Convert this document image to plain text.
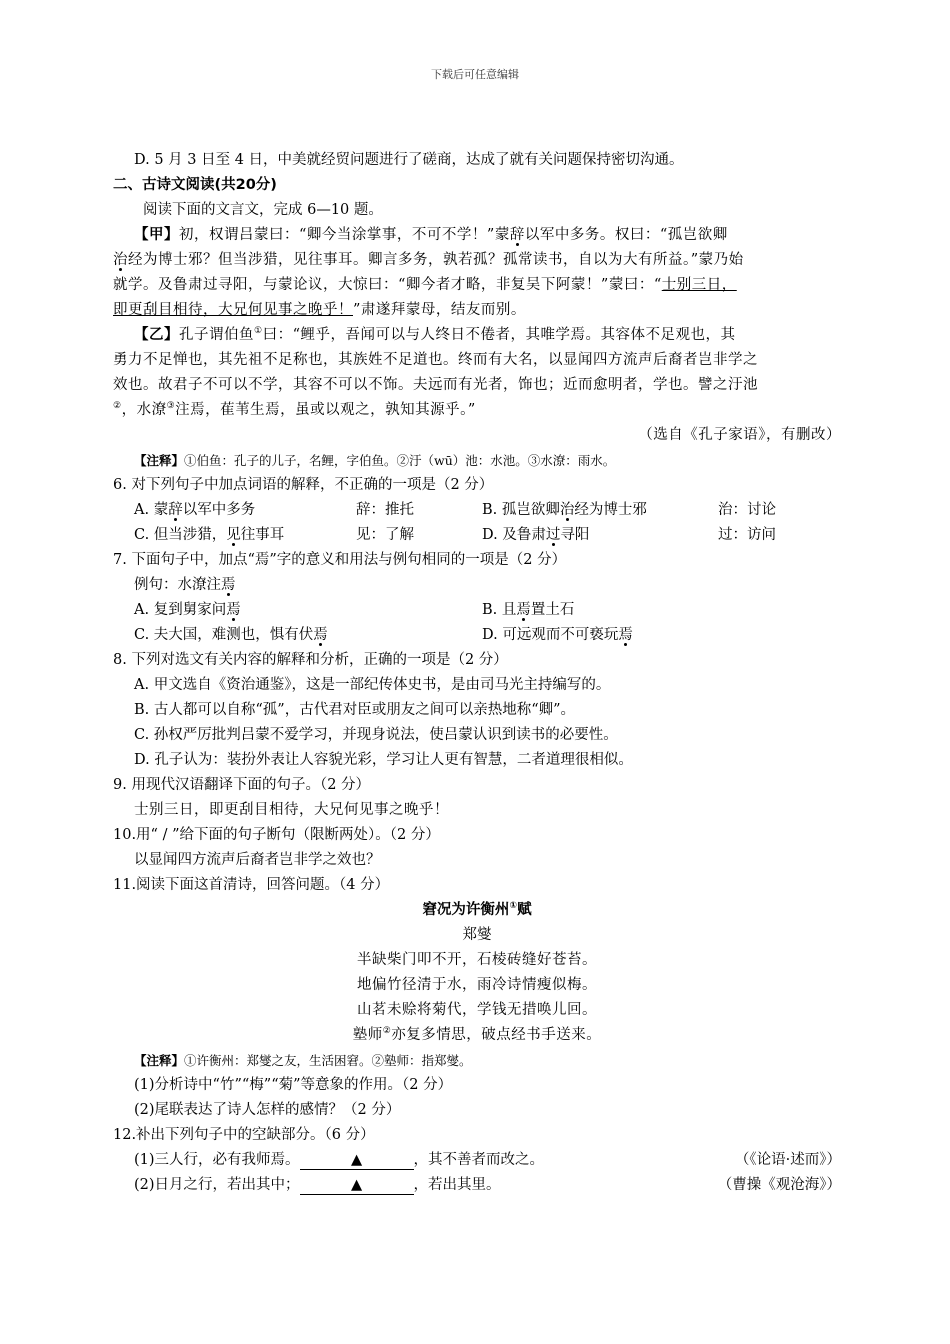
下载后可任意编辑
D. 5 月 3 日至 4 日，中美就经贸问题进行了磋商，达成了就有关问题保持密切沟通。
二、古诗文阅读(共20分)
阅读下面的文言文，完成 6—10 题。
【甲】初，权谓吕蒙曰：“卿今当涂掌事，不可不学！”蒙辞以军中多务。权曰：“孤岂欲卿
治经为博士邪？但当涉猎，见往事耳。卿言多务，孰若孤？孤常读书，自以为大有所益。”蒙乃始
就学。及鲁肃过寻阳，与蒙论议，大惊曰：“卿今者才略，非复吴下阿蒙！”蒙曰：“士别三日，
即更刮目相待，大兄何见事之晚乎！”肃遂拜蒙母，结友而别。
【乙】孔子谓伯鱼①曰：“鲤乎，吾闻可以与人终日不倦者，其唯学焉。其容体不足观也，其
勇力不足惮也，其先祖不足称也，其族姓不足道也。终而有大名，以显闻四方流声后裔者岂非学之
效也。故君子不可以不学，其容不可以不饰。夫远而有光者，饰也；近而愈明者，学也。譬之汙池
②，水潦③注焉，萑苇生焉，虽或以观之，孰知其源乎。”
（选自《孔子家语》，有删改）
【注释】①伯鱼：孔子的儿子，名鲤，字伯鱼。②汙（wū）池：水池。③水潦：雨水。
6. 对下列句子中加点词语的解释，不正确的一项是（2 分）
A. 蒙辞以军中多务	辞：推托	B. 孤岂欲卿治经为博士邪	治：讨论
C. 但当涉猎，见往事耳	见：了解	D. 及鲁肃过寻阳	过：访问
7. 下面句子中，加点“焉”字的意义和用法与例句相同的一项是（2 分）
例句：水潦注焉
A. 复到舅家问焉	B. 且焉置土石
C. 夫大国，难测也，惧有伏焉	D. 可远观而不可亵玩焉
8. 下列对选文有关内容的解释和分析，正确的一项是（2 分）
A. 甲文选自《资治通鉴》，这是一部纪传体史书，是由司马光主持编写的。
B. 古人都可以自称“孤”，古代君对臣或朋友之间可以亲热地称“卿”。
C. 孙权严厉批判吕蒙不爱学习，并现身说法，使吕蒙认识到读书的必要性。
D. 孔子认为：装扮外表让人容貌光彩，学习让人更有智慧，二者道理很相似。
9. 用现代汉语翻译下面的句子。（2 分）
士别三日，即更刮目相待，大兄何见事之晚乎！
10.用“ / ”给下面的句子断句（限断两处）。（2 分）
以显闻四方流声后裔者岂非学之效也？
11.阅读下面这首清诗，回答问题。（4 分）
窘况为许衡州①赋
郑燮
半缺柴门叩不开，石棱砖缝好苍苔。
地偏竹径清于水，雨冷诗情瘦似梅。
山茗未赊将菊代，学钱无措唤儿回。
塾师②亦复多情思，破点经书手送来。
【注释】①许衡州：郑燮之友，生活困窘。②塾师：指郑燮。
(1)分析诗中“竹”“梅”“菊”等意象的作用。（2 分）
(2)尾联表达了诗人怎样的感情？（2 分）
12.补出下列句子中的空缺部分。（6 分）
(1)三人行，必有我师焉。	▲	，其不善者而改之。	（《论语·述而》）
(2)日月之行，若出其中；	▲	，若出其里。	（曹操《观沧海》）
